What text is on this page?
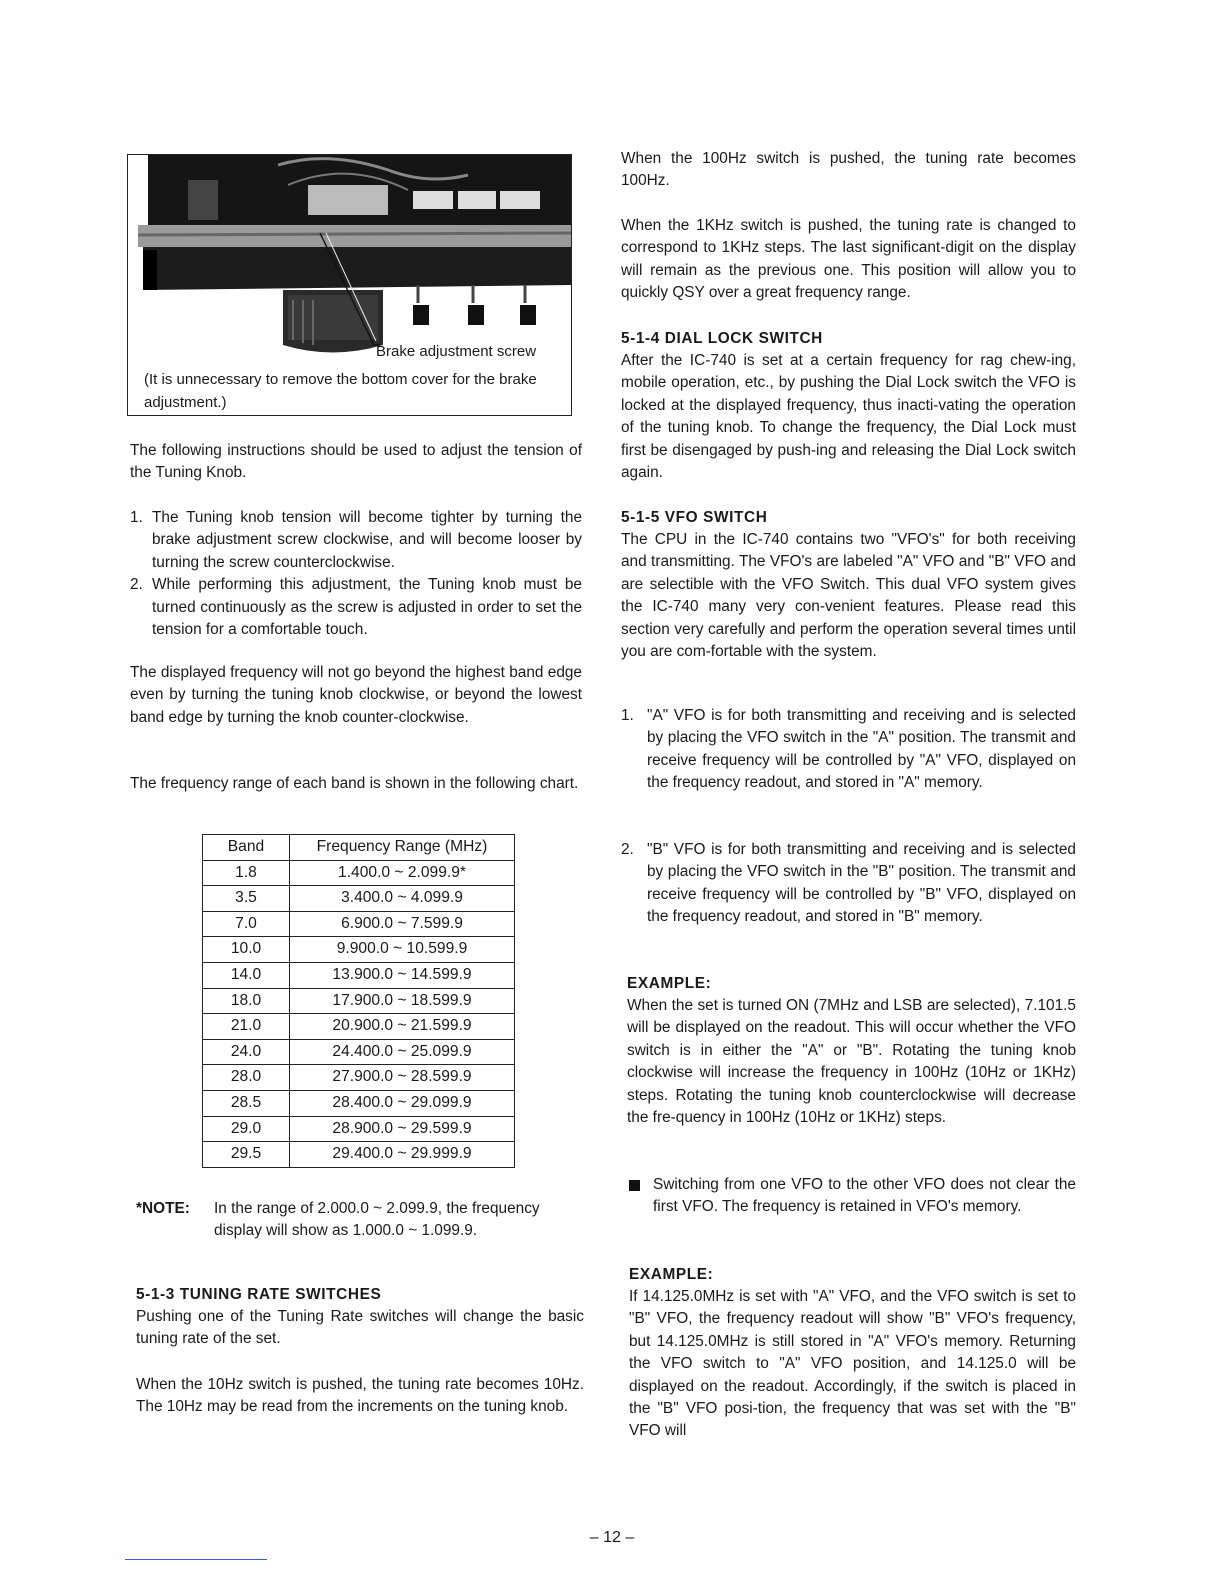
Brake adjustment screw
(It is unnecessary to remove the bottom cover for the brake adjustment.)

The following instructions should be used to adjust the tension of the Tuning Knob.

1. The Tuning knob tension will become tighter by turning the brake adjustment screw clockwise, and will become looser by turning the screw counterclockwise.

2. While performing this adjustment, the Tuning knob must be turned continuously as the screw is adjusted in order to set the tension for a comfortable touch.

The displayed frequency will not go beyond the highest band edge even by turning the tuning knob clockwise, or beyond the lowest band edge by turning the knob counter-clockwise.

The frequency range of each band is shown in the following chart.

Band	Frequency Range (MHz)
1.8	1.400.0 ~ 2.099.9*
3.5	3.400.0 ~ 4.099.9
7.0	6.900.0 ~ 7.599.9
10.0	9.900.0 ~ 10.599.9
14.0	13.900.0 ~ 14.599.9
18.0	17.900.0 ~ 18.599.9
21.0	20.900.0 ~ 21.599.9
24.0	24.400.0 ~ 25.099.9
28.0	27.900.0 ~ 28.599.9
28.5	28.400.0 ~ 29.099.9
29.0	28.900.0 ~ 29.599.9
29.5	29.400.0 ~ 29.999.9
*NOTE: In the range of 2.000.0 ~ 2.099.9, the frequency display will show as 1.000.0 ~ 1.099.9.
5-1-3 TUNING RATE SWITCHES

Pushing one of the Tuning Rate switches will change the basic tuning rate of the set.

When the 10Hz switch is pushed, the tuning rate becomes 10Hz. The 10Hz may be read from the increments on the tuning knob.

When the 100Hz switch is pushed, the tuning rate becomes 100Hz.

When the 1KHz switch is pushed, the tuning rate is changed to correspond to 1KHz steps. The last significant-digit on the display will remain as the previous one. This position will allow you to quickly QSY over a great frequency range.

5-1-4 DIAL LOCK SWITCH

After the IC-740 is set at a certain frequency for rag chew-ing, mobile operation, etc., by pushing the Dial Lock switch the VFO is locked at the displayed frequency, thus inacti-vating the operation of the tuning knob. To change the frequency, the Dial Lock must first be disengaged by push-ing and releasing the Dial Lock switch again.

5-1-5 VFO SWITCH

The CPU in the IC-740 contains two "VFO's" for both receiving and transmitting. The VFO's are labeled "A" VFO and "B" VFO and are selectible with the VFO Switch. This dual VFO system gives the IC-740 many very con-venient features. Please read this section very carefully and perform the operation several times until you are com-fortable with the system.

1. "A" VFO is for both transmitting and receiving and is selected by placing the VFO switch in the "A" position. The transmit and receive frequency will be controlled by "A" VFO, displayed on the frequency readout, and stored in "A" memory.

2. "B" VFO is for both transmitting and receiving and is selected by placing the VFO switch in the "B" position. The transmit and receive frequency will be controlled by "B" VFO, displayed on the frequency readout, and stored in "B" memory.

EXAMPLE:

When the set is turned ON (7MHz and LSB are selected), 7.101.5 will be displayed on the readout. This will occur whether the VFO switch is in either the "A" or "B". Rotating the tuning knob clockwise will increase the frequency in 100Hz (10Hz or 1KHz) steps. Rotating the tuning knob counterclockwise will decrease the fre-quency in 100Hz (10Hz or 1KHz) steps.

Switching from one VFO to the other VFO does not clear the first VFO. The frequency is retained in VFO's memory.

EXAMPLE:

If 14.125.0MHz is set with "A" VFO, and the VFO switch is set to "B" VFO, the frequency readout will show "B" VFO's frequency, but 14.125.0MHz is still stored in "A" VFO's memory. Returning the VFO switch to "A" VFO position, and 14.125.0 will be displayed on the readout. Accordingly, if the switch is placed in the "B" VFO posi-tion, the frequency that was set with the "B" VFO will

– 12 –
